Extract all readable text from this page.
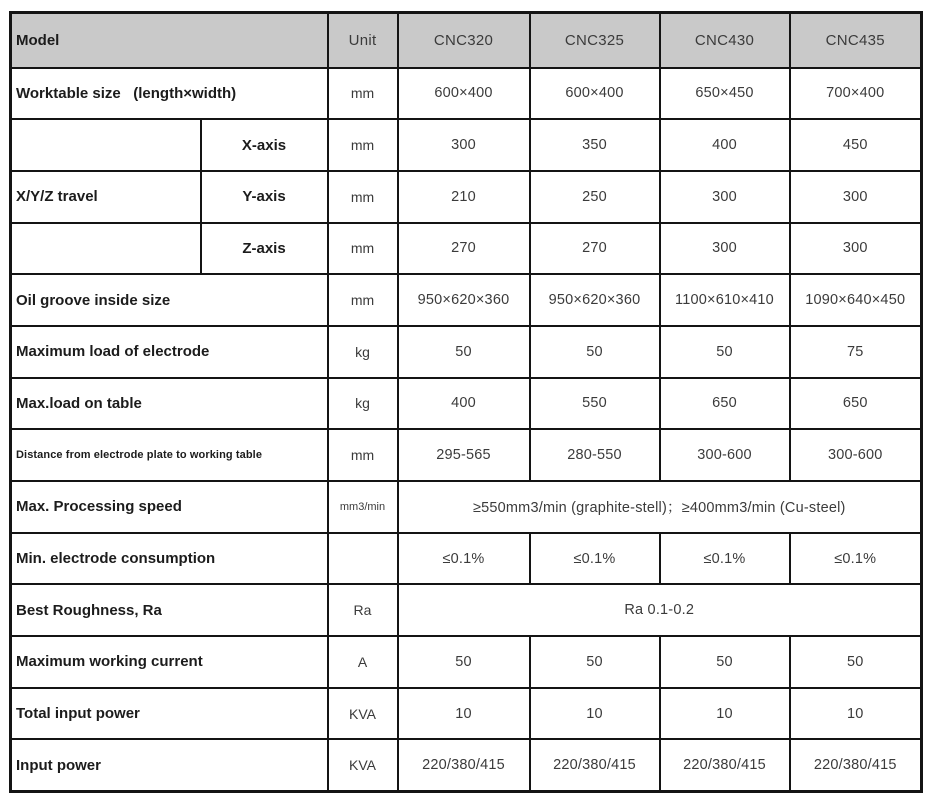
Model		Unit	CNC320	CNC325	CNC430	CNC435
Worktable size   (length×width)		mm	600×400	600×400	650×450	700×400
	X-axis	mm	300	350	400	450
X/Y/Z travel	Y-axis	mm	210	250	300	300
	Z-axis	mm	270	270	300	300
Oil groove inside size		mm	950×620×360	950×620×360	1100×610×410	1090×640×450
Maximum load of electrode		kg	50	50	50	75
Max.load on table		kg	400	550	650	650
Distance from electrode plate to working table		mm	295-565	280-550	300-600	300-600
Max. Processing speed		mm3/min	≥550mm3/min (graphite-stell)；≥400mm3/min (Cu-steel)			
Min. electrode consumption			≤0.1%	≤0.1%	≤0.1%	≤0.1%
Best Roughness, Ra		Ra	Ra 0.1-0.2			
Maximum working current		A	50	50	50	50
Total input power		KVA	10	10	10	10
Input power		KVA	220/380/415	220/380/415	220/380/415	220/380/415
